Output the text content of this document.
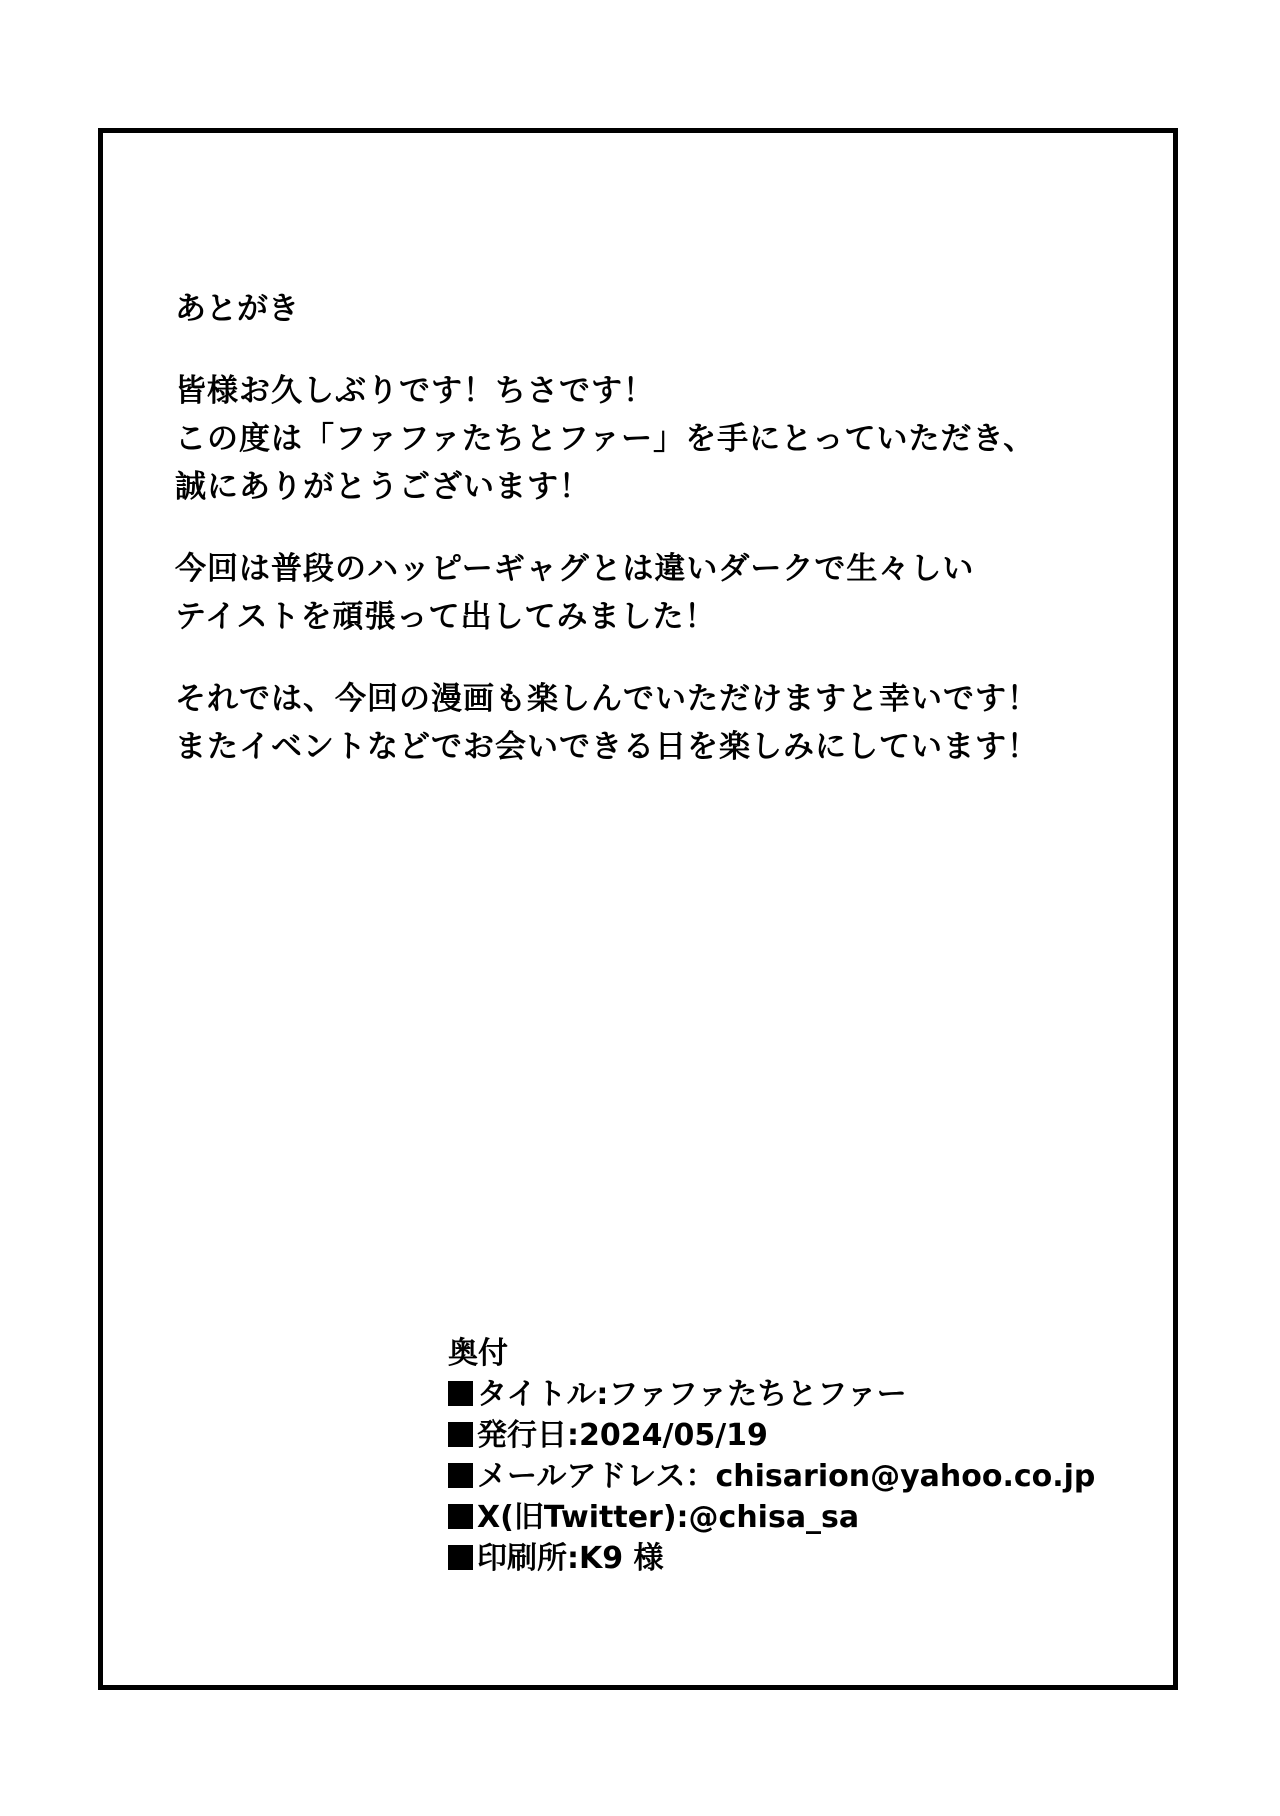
あとがき
皆様お久しぶりです！ちさです！
この度は「ファファたちとファー」を手にとっていただき、
誠にありがとうございます！
今回は普段のハッピーギャグとは違いダークで生々しい
テイストを頑張って出してみました！
それでは、今回の漫画も楽しんでいただけますと幸いです！
またイベントなどでお会いできる日を楽しみにしています！
奥付
タイトル:ファファたちとファー
発行日:2024/05/19
メールアドレス：chisarion@yahoo.co.jp
X(旧Twitter):@chisa_sa
印刷所:K9 様
